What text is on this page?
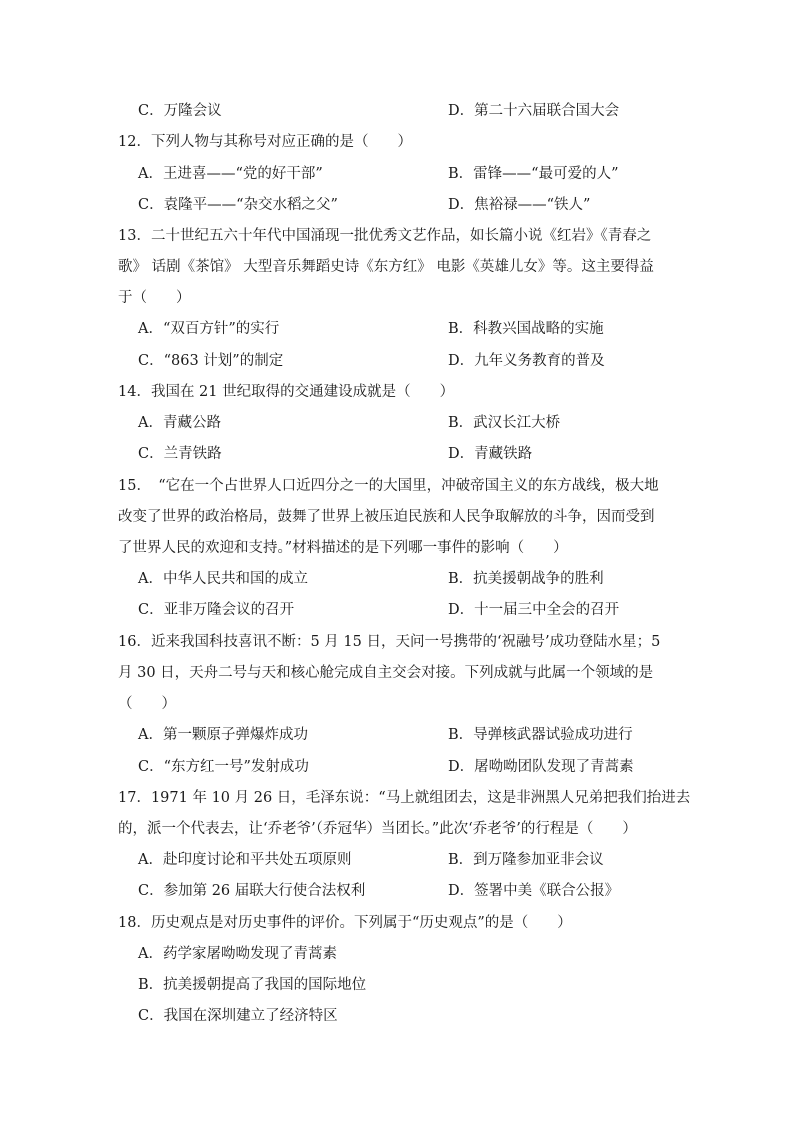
C．万隆会议	D．第二十六届联合国大会
12．下列人物与其称号对应正确的是（　　）
A．王进喜——“党的好干部”	B．雷锋——“最可爱的人”
C．袁隆平——“杂交水稻之父”	D．焦裕禄——“铁人”
13．二十世纪五六十年代中国涌现一批优秀文艺作品，如长篇小说《红岩》《青春之
歌》 话剧《茶馆》 大型音乐舞蹈史诗《东方红》 电影《英雄儿女》等。这主要得益
于（　　）
A．“双百方针”的实行	B．科教兴国战略的实施
C．“863 计划”的制定	D．九年义务教育的普及
14．我国在 21 世纪取得的交通建设成就是（　　）
A．青藏公路	B．武汉长江大桥
C．兰青铁路	D．青藏铁路
15．　“它在一个占世界人口近四分之一的大国里，冲破帝国主义的东方战线，极大地
改变了世界的政治格局，鼓舞了世界上被压迫民族和人民争取解放的斗争，因而受到
了世界人民的欢迎和支持。”材料描述的是下列哪一事件的影响（　　）
A．中华人民共和国的成立	B．抗美援朝战争的胜利
C．亚非万隆会议的召开	D．十一届三中全会的召开
16．近来我国科技喜讯不断：5 月 15 日，天问一号携带的‘祝融号’成功登陆水星；5
月 30 日，天舟二号与天和核心舱完成自主交会对接。下列成就与此属一个领域的是
（　　）
A．第一颗原子弹爆炸成功	B．导弹核武器试验成功进行
C．“东方红一号”发射成功	D．屠呦呦团队发现了青蒿素
17．1971 年 10 月 26 日，毛泽东说：“马上就组团去，这是非洲黑人兄弟把我们抬进去
的，派一个代表去，让‘乔老爷’（乔冠华）当团长。”此次‘乔老爷’的行程是（　　）
A．赴印度讨论和平共处五项原则	B．到万隆参加亚非会议
C．参加第 26 届联大行使合法权利	D．签署中美《联合公报》
18．历史观点是对历史事件的评价。下列属于“历史观点”的是（　　）
A．药学家屠呦呦发现了青蒿素
B．抗美援朝提高了我国的国际地位
C．我国在深圳建立了经济特区
